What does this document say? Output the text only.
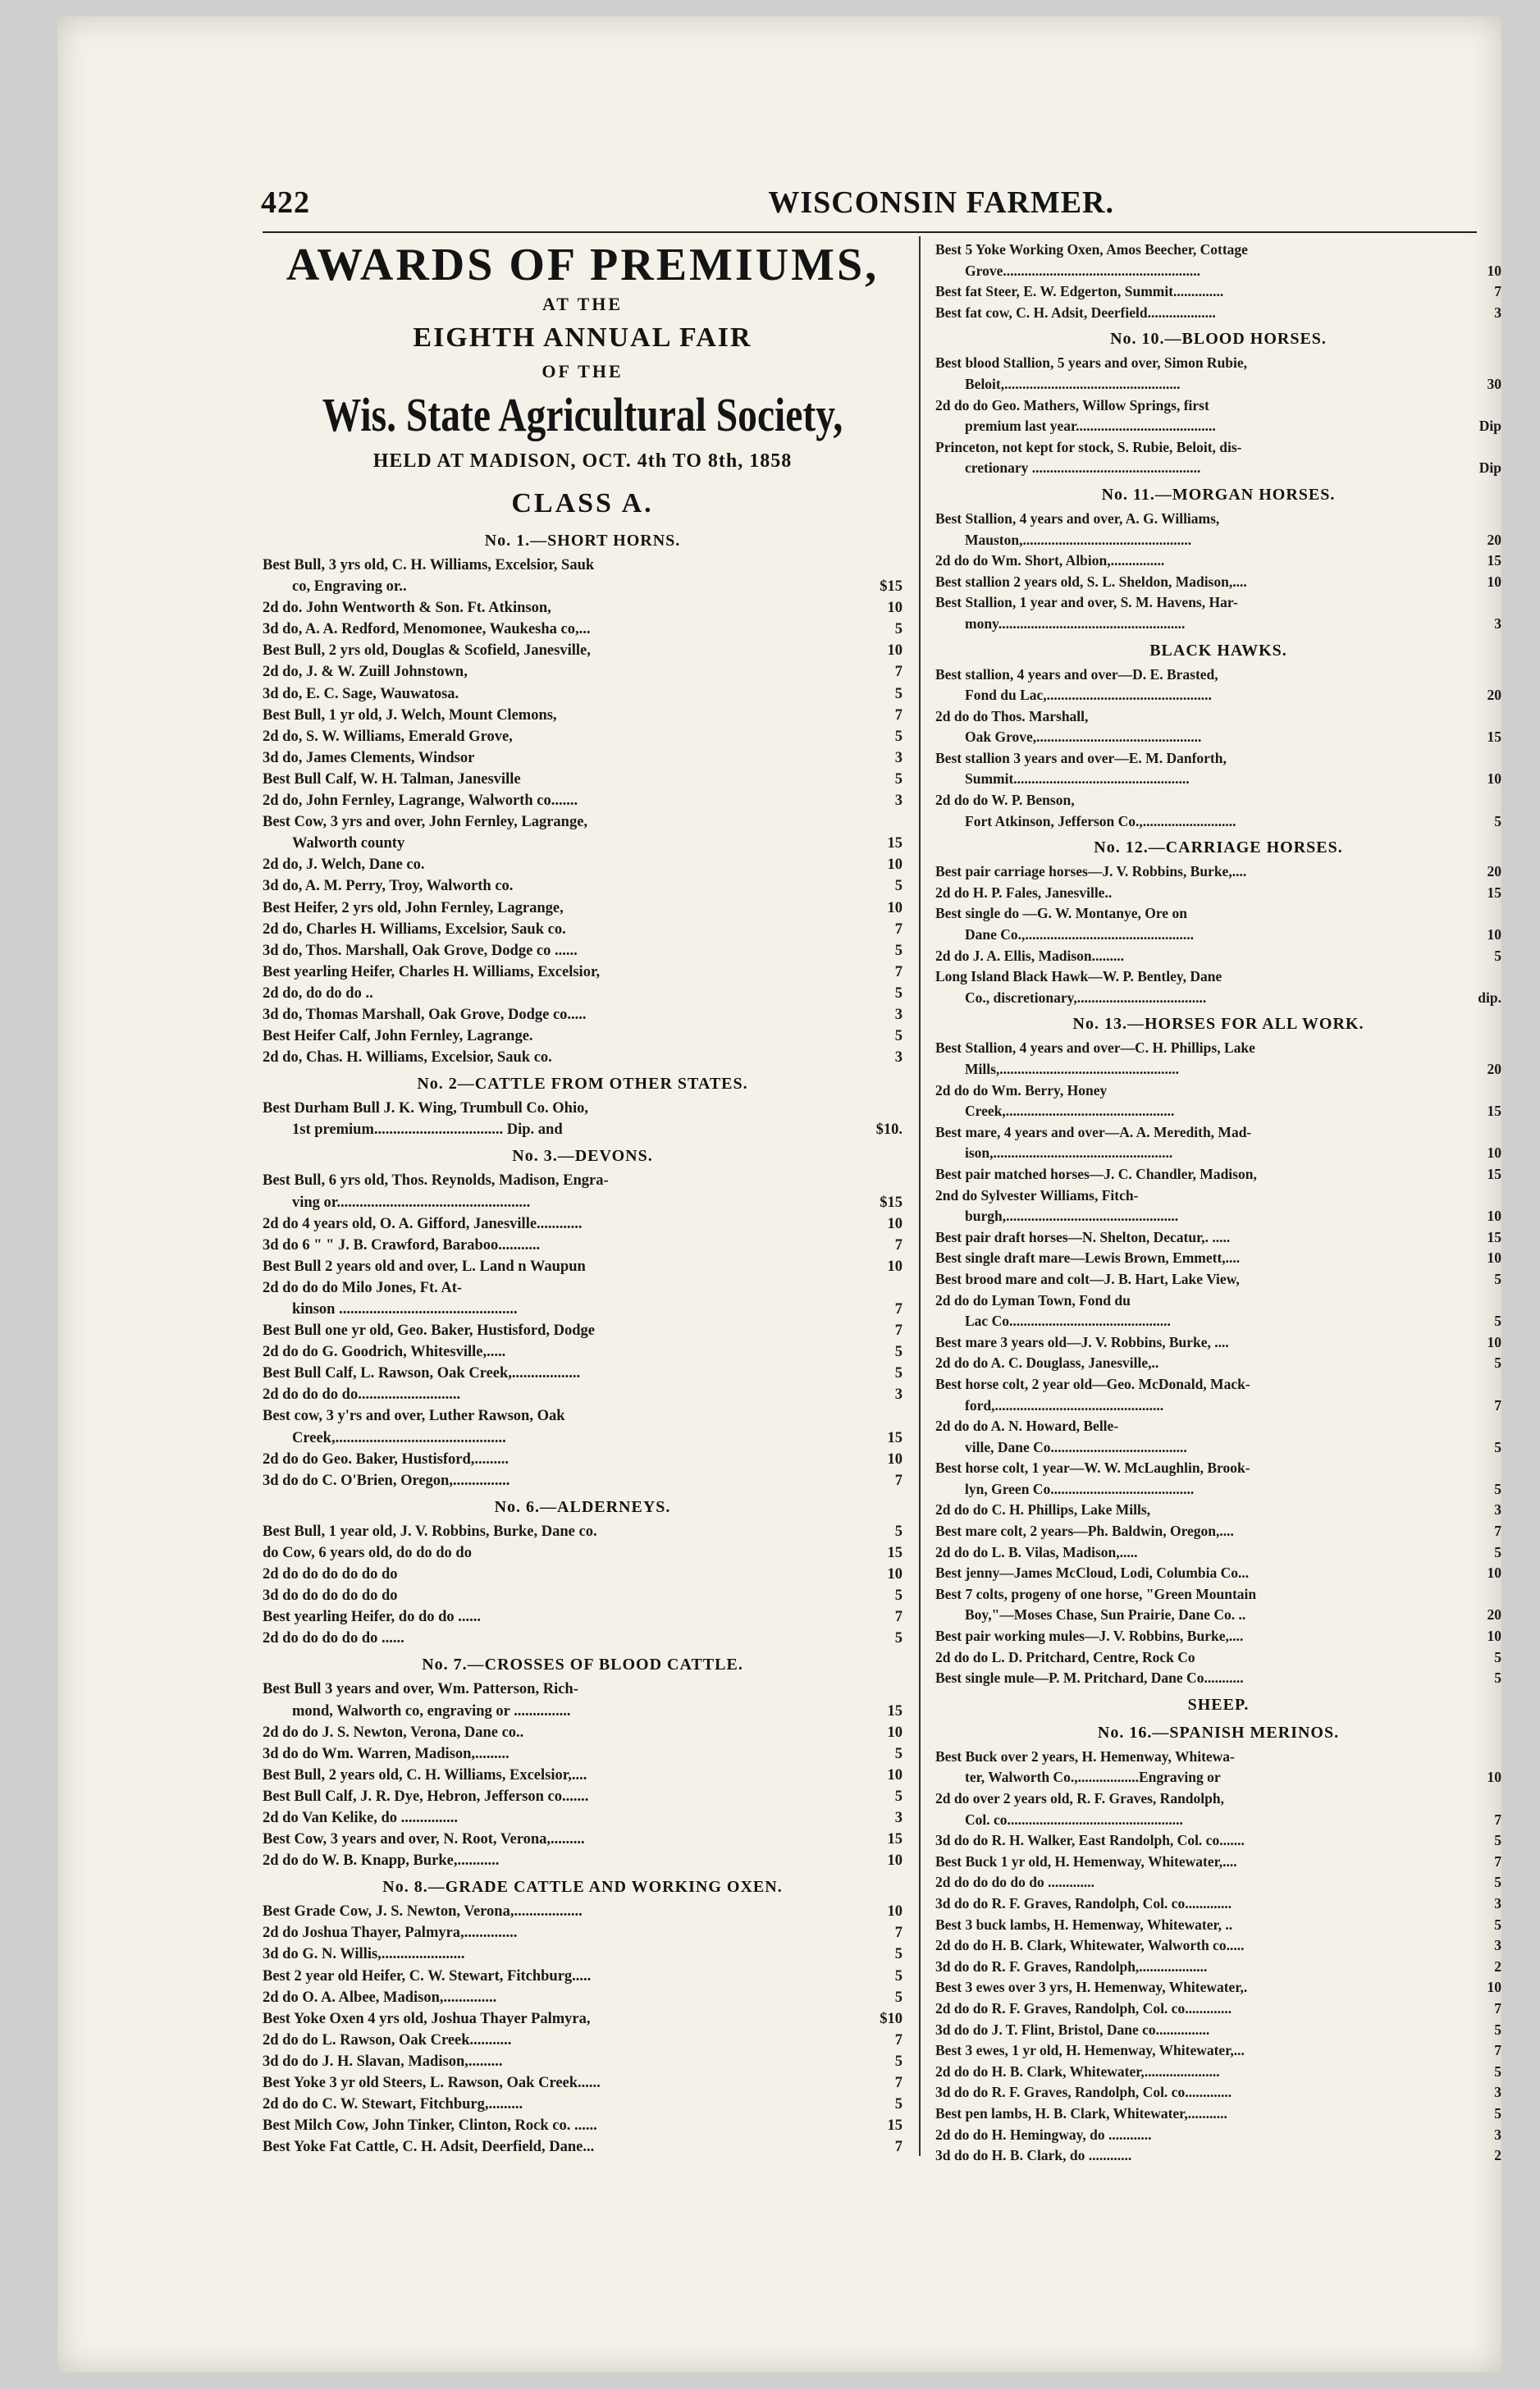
422	WISCONSIN FARMER.
AWARDS OF PREMIUMS,
AT THE
EIGHTH ANNUAL FAIR
OF THE
Wis. State Agricultural Society,
HELD AT MADISON, OCT. 4th TO 8th, 1858
CLASS A.
No. 1.—SHORT HORNS.
Best Bull, 3 yrs old, C. H. Williams, Excelsior, Sauk
co, Engraving or..	$15
2d do. John Wentworth & Son. Ft. Atkinson,	10
3d do, A. A. Redford, Menomonee, Waukesha co,...	5
Best Bull, 2 yrs old, Douglas & Scofield, Janesville,	10
2d do, J. & W. Zuill Johnstown,	7
3d do, E. C. Sage, Wauwatosa.	5
Best Bull, 1 yr old, J. Welch, Mount Clemons,	7
2d do, S. W. Williams, Emerald Grove,	5
3d do, James Clements, Windsor	3
Best Bull Calf, W. H. Talman, Janesville	5
2d do, John Fernley, Lagrange, Walworth co.......	3
Best Cow, 3 yrs and over, John Fernley, Lagrange,
Walworth county	15
2d do, J. Welch, Dane co.	10
3d do, A. M. Perry, Troy, Walworth co.	5
Best Heifer, 2 yrs old, John Fernley, Lagrange,	10
2d do, Charles H. Williams, Excelsior, Sauk co.	7
3d do, Thos. Marshall, Oak Grove, Dodge co ......	5
Best yearling Heifer, Charles H. Williams, Excelsior,	7
2d do, do do do ..	5
3d do, Thomas Marshall, Oak Grove, Dodge co.....	3
Best Heifer Calf, John Fernley, Lagrange.	5
2d do, Chas. H. Williams, Excelsior, Sauk co.	3
No. 2—CATTLE FROM OTHER STATES.
Best Durham Bull J. K. Wing, Trumbull Co. Ohio,
1st premium.................................. Dip. and	$10.
No. 3.—DEVONS.
Best Bull, 6 yrs old, Thos. Reynolds, Madison, Engra-
ving or...................................................	$15
2d do 4 years old, O. A. Gifford, Janesville............	10
3d do 6 " " J. B. Crawford, Baraboo...........	7
Best Bull 2 years old and over, L. Land n Waupun	10
2d do do do Milo Jones, Ft. At-
kinson ...............................................	7
Best Bull one yr old, Geo. Baker, Hustisford, Dodge	7
2d do do G. Goodrich, Whitesville,.....	5
Best Bull Calf, L. Rawson, Oak Creek,..................	5
2d do do do do...........................	3
Best cow, 3 y'rs and over, Luther Rawson, Oak
Creek,.............................................	15
2d do do Geo. Baker, Hustisford,.........	10
3d do do C. O'Brien, Oregon,...............	7
No. 6.—ALDERNEYS.
Best Bull, 1 year old, J. V. Robbins, Burke, Dane co.	5
do Cow, 6 years old, do do do do	15
2d do do do do do do	10
3d do do do do do do	5
Best yearling Heifer, do do do ......	7
2d do do do do do ......	5
No. 7.—CROSSES OF BLOOD CATTLE.
Best Bull 3 years and over, Wm. Patterson, Rich-
mond, Walworth co, engraving or ...............	15
2d do do J. S. Newton, Verona, Dane co..	10
3d do do Wm. Warren, Madison,.........	5
Best Bull, 2 years old, C. H. Williams, Excelsior,....	10
Best Bull Calf, J. R. Dye, Hebron, Jefferson co.......	5
2d do Van Kelike, do ...............	3
Best Cow, 3 years and over, N. Root, Verona,.........	15
2d do do W. B. Knapp, Burke,...........	10
No. 8.—GRADE CATTLE AND WORKING OXEN.
Best Grade Cow, J. S. Newton, Verona,..................	10
2d do Joshua Thayer, Palmyra,..............	7
3d do G. N. Willis,......................	5
Best 2 year old Heifer, C. W. Stewart, Fitchburg.....	5
2d do O. A. Albee, Madison,..............	5
Best Yoke Oxen 4 yrs old, Joshua Thayer Palmyra,	$10
2d do do L. Rawson, Oak Creek...........	7
3d do do J. H. Slavan, Madison,.........	5
Best Yoke 3 yr old Steers, L. Rawson, Oak Creek......	7
2d do do C. W. Stewart, Fitchburg,.........	5
Best Milch Cow, John Tinker, Clinton, Rock co. ......	15
Best Yoke Fat Cattle, C. H. Adsit, Deerfield, Dane...	7
Best 5 Yoke Working Oxen, Amos Beecher, Cottage
Grove.......................................................	10
Best fat Steer, E. W. Edgerton, Summit..............	7
Best fat cow, C. H. Adsit, Deerfield...................	3
No. 10.—BLOOD HORSES.
Best blood Stallion, 5 years and over, Simon Rubie,
Beloit,.................................................	30
2d do do Geo. Mathers, Willow Springs, first
premium last year.......................................	Dip
Princeton, not kept for stock, S. Rubie, Beloit, dis-
cretionary ...............................................	Dip
No. 11.—MORGAN HORSES.
Best Stallion, 4 years and over, A. G. Williams,
Mauston,...............................................	20
2d do do Wm. Short, Albion,...............	15
Best stallion 2 years old, S. L. Sheldon, Madison,....	10
Best Stallion, 1 year and over, S. M. Havens, Har-
mony....................................................	3
BLACK HAWKS.
Best stallion, 4 years and over—D. E. Brasted,
Fond du Lac,..............................................	20
2d do do Thos. Marshall,
Oak Grove,..............................................	15
Best stallion 3 years and over—E. M. Danforth,
Summit.................................................	10
2d do do W. P. Benson,
Fort Atkinson, Jefferson Co.,..........................	5
No. 12.—CARRIAGE HORSES.
Best pair carriage horses—J. V. Robbins, Burke,....	20
2d do H. P. Fales, Janesville..	15
Best single do —G. W. Montanye, Ore on
Dane Co.,...............................................	10
2d do J. A. Ellis, Madison.........	5
Long Island Black Hawk—W. P. Bentley, Dane
Co., discretionary,....................................	dip.
No. 13.—HORSES FOR ALL WORK.
Best Stallion, 4 years and over—C. H. Phillips, Lake
Mills,..................................................	20
2d do do Wm. Berry, Honey
Creek,...............................................	15
Best mare, 4 years and over—A. A. Meredith, Mad-
ison,..................................................	10
Best pair matched horses—J. C. Chandler, Madison,	15
2nd do Sylvester Williams, Fitch-
burgh,................................................	10
Best pair draft horses—N. Shelton, Decatur,. .....	15
Best single draft mare—Lewis Brown, Emmett,....	10
Best brood mare and colt—J. B. Hart, Lake View,	5
2d do do Lyman Town, Fond du
Lac Co.............................................	5
Best mare 3 years old—J. V. Robbins, Burke, ....	10
2d do do A. C. Douglass, Janesville,..	5
Best horse colt, 2 year old—Geo. McDonald, Mack-
ford,...............................................	7
2d do do A. N. Howard, Belle-
ville, Dane Co......................................	5
Best horse colt, 1 year—W. W. McLaughlin, Brook-
lyn, Green Co........................................	5
2d do do C. H. Phillips, Lake Mills,	3
Best mare colt, 2 years—Ph. Baldwin, Oregon,....	7
2d do do L. B. Vilas, Madison,.....	5
Best jenny—James McCloud, Lodi, Columbia Co...	10
Best 7 colts, progeny of one horse, "Green Mountain
Boy,"—Moses Chase, Sun Prairie, Dane Co. ..	20
Best pair working mules—J. V. Robbins, Burke,....	10
2d do do L. D. Pritchard, Centre, Rock Co	5
Best single mule—P. M. Pritchard, Dane Co...........	5
SHEEP.
No. 16.—SPANISH MERINOS.
Best Buck over 2 years, H. Hemenway, Whitewa-
ter, Walworth Co.,.................Engraving or	10
2d do over 2 years old, R. F. Graves, Randolph,
Col. co.................................................	7
3d do do R. H. Walker, East Randolph, Col. co.......	5
Best Buck 1 yr old, H. Hemenway, Whitewater,....	7
2d do do do do do .............	5
3d do do R. F. Graves, Randolph, Col. co.............	3
Best 3 buck lambs, H. Hemenway, Whitewater, ..	5
2d do do H. B. Clark, Whitewater, Walworth co.....	3
3d do do R. F. Graves, Randolph,...................	2
Best 3 ewes over 3 yrs, H. Hemenway, Whitewater,.	10
2d do do R. F. Graves, Randolph, Col. co.............	7
3d do do J. T. Flint, Bristol, Dane co...............	5
Best 3 ewes, 1 yr old, H. Hemenway, Whitewater,...	7
2d do do H. B. Clark, Whitewater,.....................	5
3d do do R. F. Graves, Randolph, Col. co.............	3
Best pen lambs, H. B. Clark, Whitewater,...........	5
2d do do H. Hemingway, do ............	3
3d do do H. B. Clark, do ............	2
